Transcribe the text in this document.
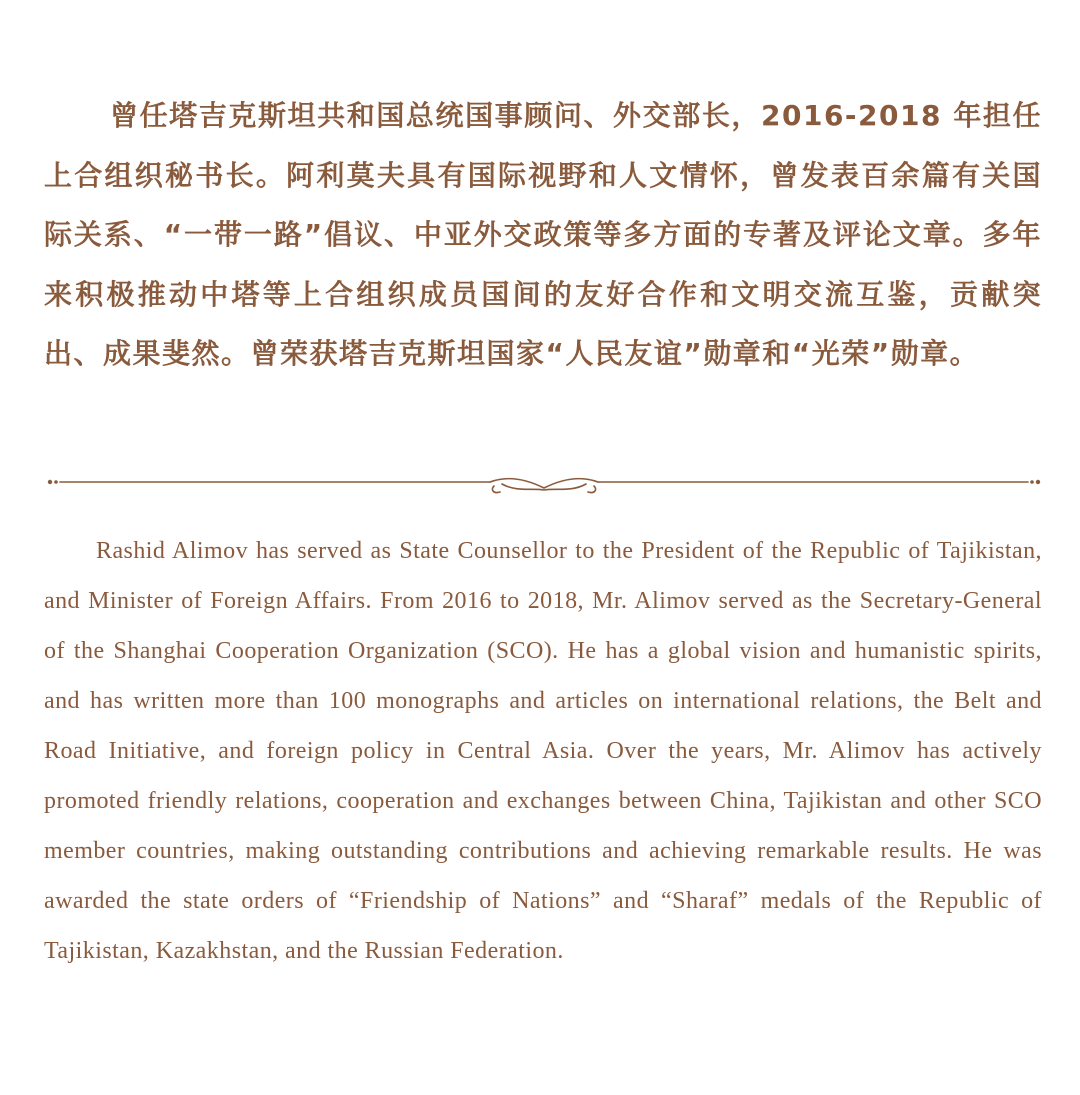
曾任塔吉克斯坦共和国总统国事顾问、外交部长，2016-2018 年担任上合组织秘书长。阿利莫夫具有国际视野和人文情怀，曾发表百余篇有关国际关系、“一带一路”倡议、中亚外交政策等多方面的专著及评论文章。多年来积极推动中塔等上合组织成员国间的友好合作和文明交流互鉴，贡献突出、成果斐然。曾荣获塔吉克斯坦国家“人民友谊”勋章和“光荣”勋章。

Rashid Alimov has served as State Counsellor to the President of the Republic of Tajikistan, and Minister of Foreign Affairs. From 2016 to 2018, Mr. Alimov served as the Secretary-General of the Shanghai Cooperation Organization (SCO). He has a global vision and humanistic spirits, and has written more than 100 monographs and articles on international relations, the Belt and Road Initiative, and foreign policy in Central Asia. Over the years, Mr. Alimov has actively promoted friendly relations, cooperation and exchanges between China, Tajikistan and other SCO member countries, making outstanding contributions and achieving remarkable results. He was awarded the state orders of “Friendship of Nations” and “Sharaf” medals of the Republic of Tajikistan, Kazakhstan, and the Russian Federation.
